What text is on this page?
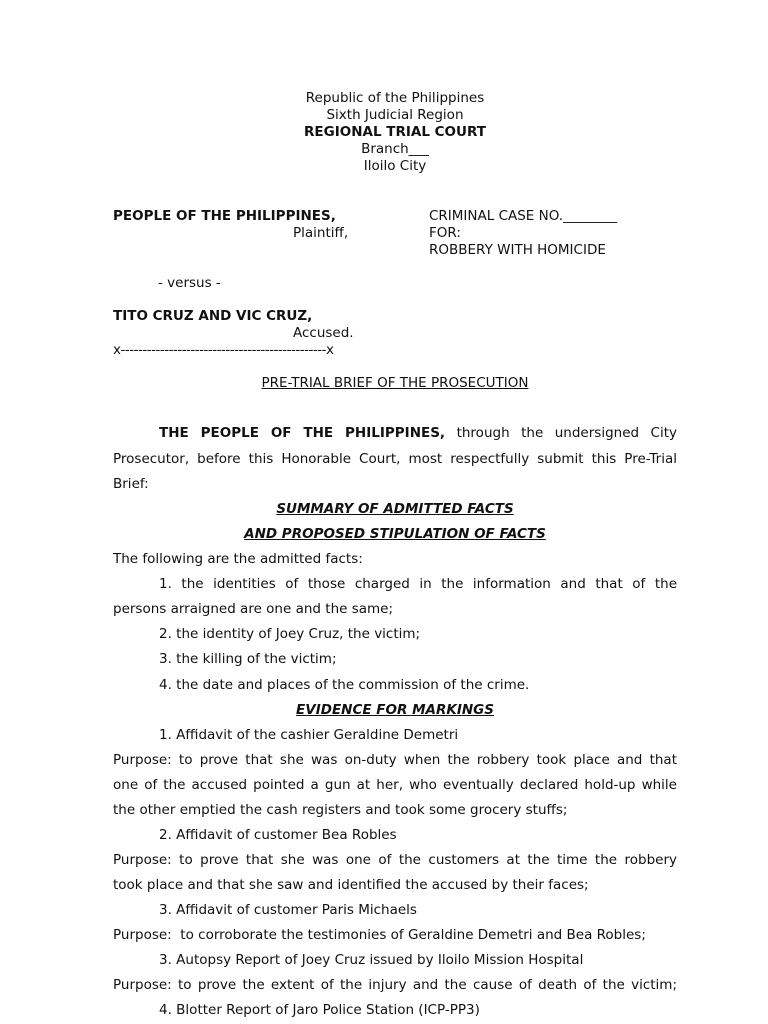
Republic of the Philippines
Sixth Judicial Region
REGIONAL TRIAL COURT
Branch___
Iloilo City
PEOPLE OF THE PHILIPPINES,
Plaintiff,
CRIMINAL CASE NO.________
FOR:
ROBBERY WITH HOMICIDE
- versus -
TITO CRUZ AND VIC CRUZ,
Accused.
x-----------------------------------------------x
PRE-TRIAL BRIEF OF THE PROSECUTION
THE PEOPLE OF THE PHILIPPINES, through the undersigned City
Prosecutor, before this Honorable Court, most respectfully submit this Pre-Trial
Brief:
SUMMARY OF ADMITTED FACTS
AND PROPOSED STIPULATION OF FACTS
The following are the admitted facts:
1. the identities of those charged in the information and that of the
persons arraigned are one and the same;
2. the identity of Joey Cruz, the victim;
3. the killing of the victim;
4. the date and places of the commission of the crime.
EVIDENCE FOR MARKINGS
1. Affidavit of the cashier Geraldine Demetri
Purpose: to prove that she was on-duty when the robbery took place and that
one of the accused pointed a gun at her, who eventually declared hold-up while
the other emptied the cash registers and took some grocery stuffs;
2. Affidavit of customer Bea Robles
Purpose: to prove that she was one of the customers at the time the robbery
took place and that she saw and identified the accused by their faces;
3. Affidavit of customer Paris Michaels
Purpose:  to corroborate the testimonies of Geraldine Demetri and Bea Robles;
3. Autopsy Report of Joey Cruz issued by Iloilo Mission Hospital
Purpose: to prove the extent of the injury and the cause of death of the victim;
4. Blotter Report of Jaro Police Station (ICP-PP3)
